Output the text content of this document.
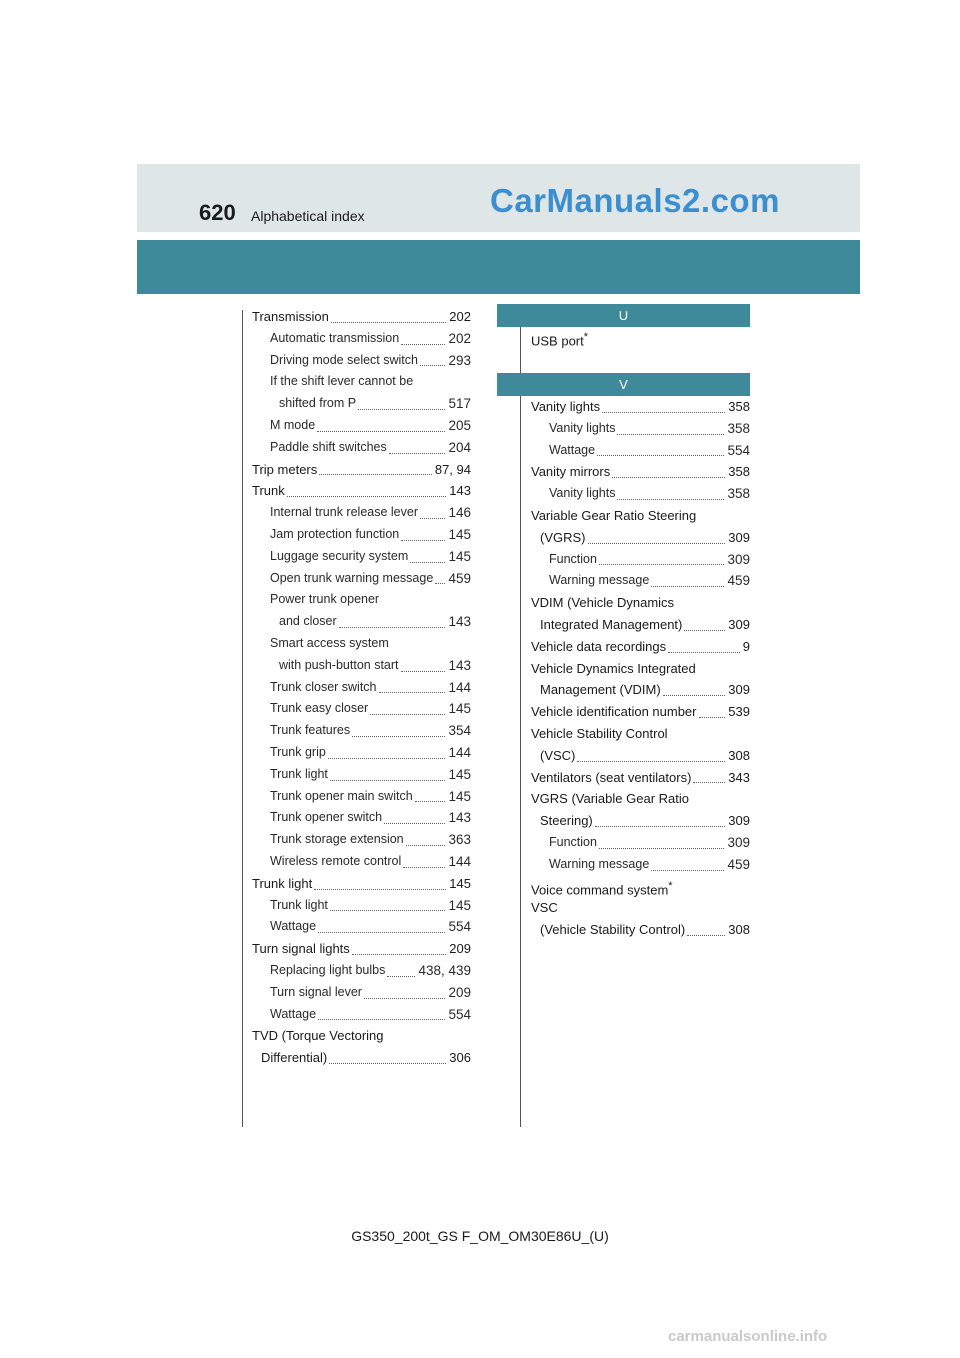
620 Alphabetical index	CarManuals2.com
Transmission	202
Automatic transmission	202
Driving mode select switch 293
If the shift lever cannot be
shifted from P	517
M mode	205
Paddle shift switches	204
Trip meters	87, 94
Trunk	143
Internal trunk release lever 146
Jam protection function	145
Luggage security system	145
Open trunk warning message 459
Power trunk opener
and closer	143
Smart access system
with push-button start	143
Trunk closer switch	144
Trunk easy closer	145
Trunk features	354
Trunk grip	144
Trunk light	145
Trunk opener main switch	145
Trunk opener switch	143
Trunk storage extension	363
Wireless remote control	144
Trunk light	145
Trunk light	145
Wattage	554
Turn signal lights	209
Replacing light bulbs 438, 439
Turn signal lever	209
Wattage	554
TVD (Torque Vectoring
Differential)	306
U
USB port*
V
Vanity lights	358
Vanity lights	358
Wattage	554
Vanity mirrors	358
Vanity lights	358
Variable Gear Ratio Steering
(VGRS)	309
Function	309
Warning message	459
VDIM (Vehicle Dynamics
Integrated Management)	309
Vehicle data recordings	9
Vehicle Dynamics Integrated
Management (VDIM)	309
Vehicle identification number 539
Vehicle Stability Control
(VSC)	308
Ventilators (seat ventilators)	343
VGRS (Variable Gear Ratio
Steering)	309
Function	309
Warning message	459
Voice command system*
VSC
(Vehicle Stability Control)	308
GS350_200t_GS F_OM_OM30E86U_(U)
carmanualsonline.info
